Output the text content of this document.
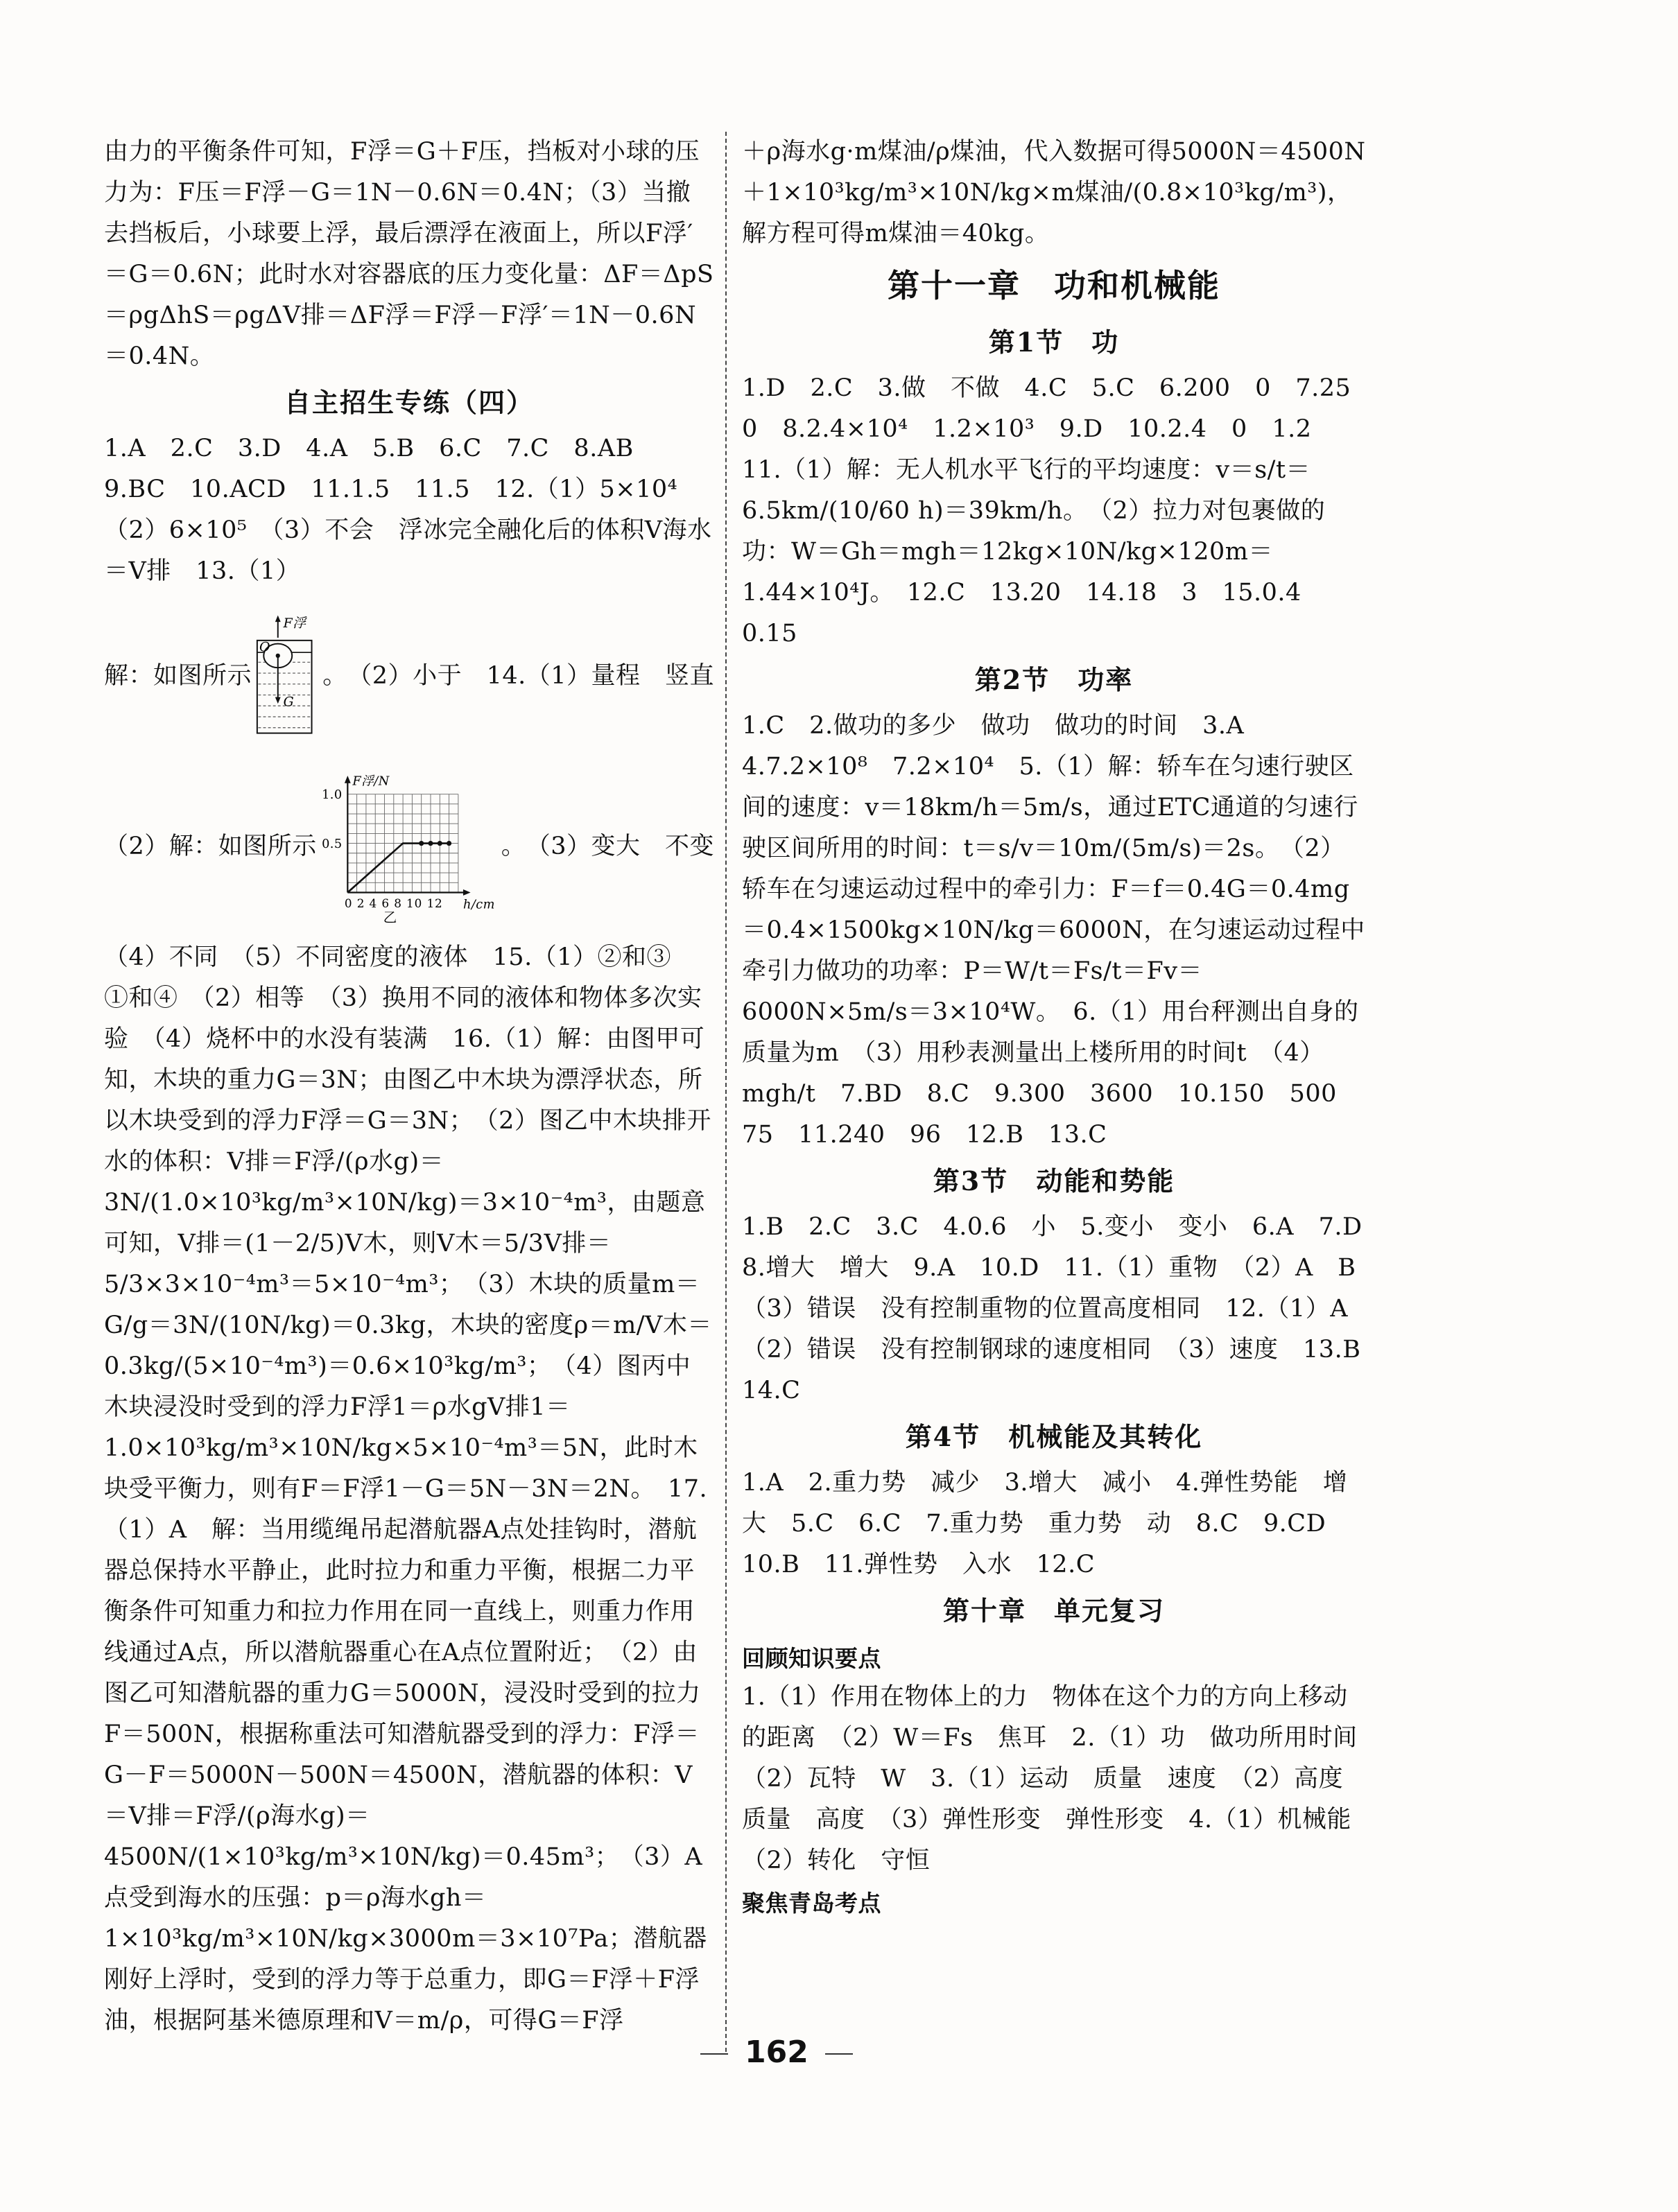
由力的平衡条件可知，F浮＝G＋F压，挡板对小球的压力为：F压＝F浮－G＝1N－0.6N＝0.4N；（3）当撤去挡板后，小球要上浮，最后漂浮在液面上，所以F浮′＝G＝0.6N；此时水对容器底的压力变化量：ΔF＝ΔpS＝ρgΔhS＝ρgΔV排＝ΔF浮＝F浮－F浮′＝1N－0.6N＝0.4N。

自主招生专练（四）

1.A　2.C　3.D　4.A　5.B　6.C　7.C　8.AB　9.BC　10.ACD　11.1.5　11.5　12.（1）5×10⁴　（2）6×10⁵　（3）不会　浮冰完全融化后的体积V海水＝V排　13.（1）

解：如图所示
F浮
O
G
。　（2）小于　14.（1）量程　竖直
（2）解：如图所示
F浮/N
1.0
0.5
0 2 4 6 8 10 12 h/cm
乙
。　（3）变大　不变

（4）不同　（5）不同密度的液体　15.（1）②和③　①和④　（2）相等　（3）换用不同的液体和物体多次实验　（4）烧杯中的水没有装满　16.（1）解：由图甲可知，木块的重力G＝3N；由图乙中木块为漂浮状态，所以木块受到的浮力F浮＝G＝3N；　（2）图乙中木块排开水的体积：V排＝F浮/(ρ水g)＝3N/(1.0×10³kg/m³×10N/kg)＝3×10⁻⁴m³，由题意可知，V排＝(1－2/5)V木，则V木＝5/3V排＝5/3×3×10⁻⁴m³＝5×10⁻⁴m³；　（3）木块的质量m＝G/g＝3N/(10N/kg)＝0.3kg，木块的密度ρ＝m/V木＝0.3kg/(5×10⁻⁴m³)＝0.6×10³kg/m³；　（4）图丙中木块浸没时受到的浮力F浮1＝ρ水gV排1＝1.0×10³kg/m³×10N/kg×5×10⁻⁴m³＝5N，此时木块受平衡力，则有F＝F浮1－G＝5N－3N＝2N。　17.（1）A　解：当用缆绳吊起潜航器A点处挂钩时，潜航器总保持水平静止，此时拉力和重力平衡，根据二力平衡条件可知重力和拉力作用在同一直线上，则重力作用线通过A点，所以潜航器重心在A点位置附近；　（2）由图乙可知潜航器的重力G＝5000N，浸没时受到的拉力F＝500N，根据称重法可知潜航器受到的浮力：F浮＝G－F＝5000N－500N＝4500N，潜航器的体积：V＝V排＝F浮/(ρ海水g)＝4500N/(1×10³kg/m³×10N/kg)＝0.45m³；　（3）A点受到海水的压强：p＝ρ海水gh＝1×10³kg/m³×10N/kg×3000m＝3×10⁷Pa；潜航器刚好上浮时，受到的浮力等于总重力，即G＝F浮＋F浮油，根据阿基米德原理和V＝m/ρ，可得G＝F浮

＋ρ海水g·m煤油/ρ煤油，代入数据可得5000N＝4500N＋1×10³kg/m³×10N/kg×m煤油/(0.8×10³kg/m³)，解方程可得m煤油＝40kg。

第十一章　功和机械能

第1节　功

1.D　2.C　3.做　不做　4.C　5.C　6.200　0　7.25　0　8.2.4×10⁴　1.2×10³　9.D　10.2.4　0　1.2　11.（1）解：无人机水平飞行的平均速度：v＝s/t＝6.5km/(10/60 h)＝39km/h。　（2）拉力对包裹做的功：W＝Gh＝mgh＝12kg×10N/kg×120m＝1.44×10⁴J。　12.C　13.20　14.18　3　15.0.4　0.15

第2节　功率

1.C　2.做功的多少　做功　做功的时间　3.A　4.7.2×10⁸　7.2×10⁴　5.（1）解：轿车在匀速行驶区间的速度：v＝18km/h＝5m/s，通过ETC通道的匀速行驶区间所用的时间：t＝s/v＝10m/(5m/s)＝2s。　（2）轿车在匀速运动过程中的牵引力：F＝f＝0.4G＝0.4mg＝0.4×1500kg×10N/kg＝6000N，在匀速运动过程中牵引力做功的功率：P＝W/t＝Fs/t＝Fv＝6000N×5m/s＝3×10⁴W。　6.（1）用台秤测出自身的质量为m　（3）用秒表测量出上楼所用的时间t　（4）mgh/t　7.BD　8.C　9.300　3600　10.150　500　75　11.240　96　12.B　13.C

第3节　动能和势能

1.B　2.C　3.C　4.0.6　小　5.变小　变小　6.A　7.D　8.增大　增大　9.A　10.D　11.（1）重物　（2）A　B　（3）错误　没有控制重物的位置高度相同　12.（1）A　（2）错误　没有控制钢球的速度相同　（3）速度　13.B　14.C

第4节　机械能及其转化

1.A　2.重力势　减少　3.增大　减小　4.弹性势能　增大　5.C　6.C　7.重力势　重力势　动　8.C　9.CD　10.B　11.弹性势　入水　12.C

第十章　单元复习

回顾知识要点

1.（1）作用在物体上的力　物体在这个力的方向上移动的距离　（2）W＝Fs　焦耳　2.（1）功　做功所用时间　（2）瓦特　W　3.（1）运动　质量　速度　（2）高度　质量　高度　（3）弹性形变　弹性形变　4.（1）机械能　（2）转化　守恒

聚焦青岛考点

162
